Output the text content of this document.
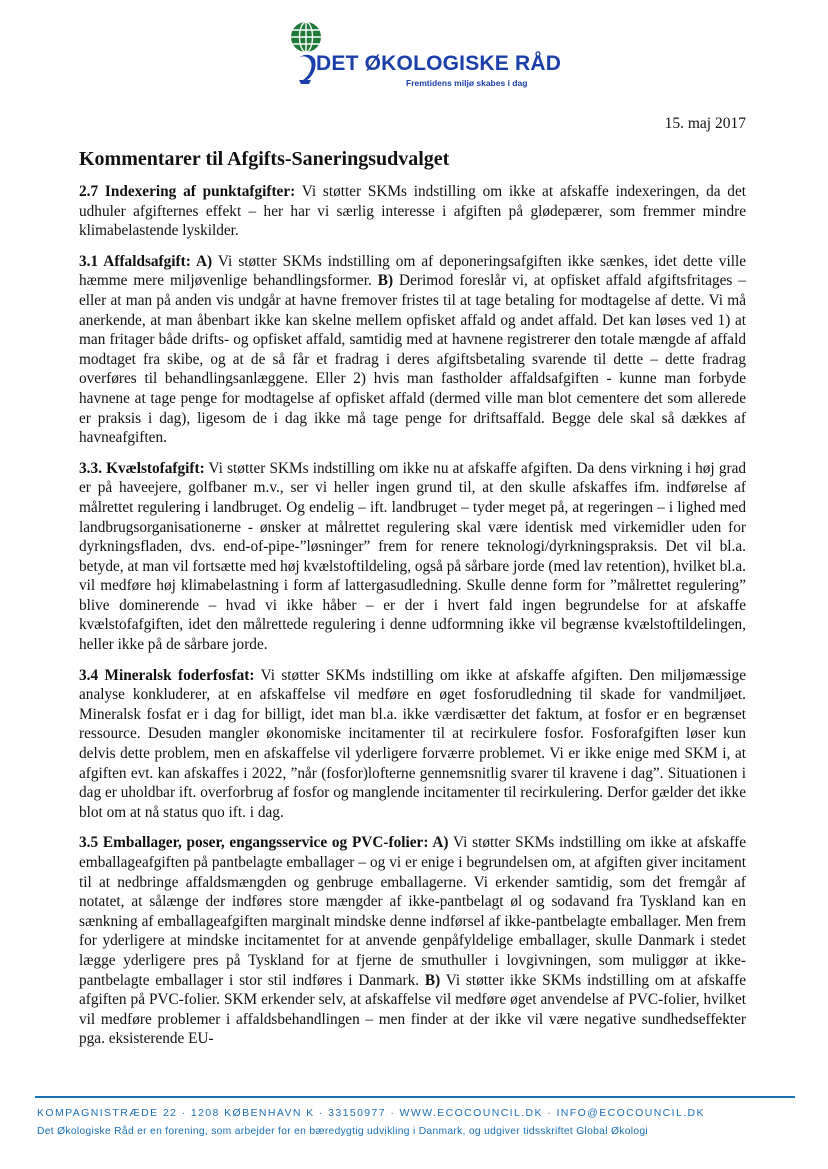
DET ØKOLOGISKE RÅD
Fremtidens miljø skabes i dag
15. maj 2017
Kommentarer til Afgifts-Saneringsudvalget

2.7 Indexering af punktafgifter: Vi støtter SKMs indstilling om ikke at afskaffe indexeringen, da det udhuler afgifternes effekt – her har vi særlig interesse i afgiften på glødepærer, som fremmer mindre klimabelastende lyskilder.

3.1 Affaldsafgift: A) Vi støtter SKMs indstilling om af deponeringsafgiften ikke sænkes, idet dette ville hæmme mere miljøvenlige behandlingsformer. B) Derimod foreslår vi, at opfisket affald afgiftsfritages – eller at man på anden vis undgår at havne fremover fristes til at tage betaling for modtagelse af dette. Vi må anerkende, at man åbenbart ikke kan skelne mellem opfisket affald og andet affald. Det kan løses ved 1) at man fritager både drifts- og opfisket affald, samtidig med at havnene registrerer den totale mængde af affald modtaget fra skibe, og at de så får et fradrag i deres afgiftsbetaling svarende til dette – dette fradrag overføres til behandlingsanlæggene. Eller 2) hvis man fastholder affaldsafgiften - kunne man forbyde havnene at tage penge for modtagelse af opfisket affald (dermed ville man blot cementere det som allerede er praksis i dag), ligesom de i dag ikke må tage penge for driftsaffald. Begge dele skal så dækkes af havneafgiften.

3.3. Kvælstofafgift: Vi støtter SKMs indstilling om ikke nu at afskaffe afgiften. Da dens virkning i høj grad er på haveejere, golfbaner m.v., ser vi heller ingen grund til, at den skulle afskaffes ifm. indførelse af målrettet regulering i landbruget. Og endelig – ift. landbruget – tyder meget på, at regeringen – i lighed med landbrugsorganisationerne - ønsker at målrettet regulering skal være identisk med virkemidler uden for dyrkningsfladen, dvs. end-of-pipe-”løsninger” frem for renere teknologi/dyrkningspraksis. Det vil bl.a. betyde, at man vil fortsætte med høj kvælstoftildeling, også på sårbare jorde (med lav retention), hvilket bl.a. vil medføre høj klimabelastning i form af lattergasudledning. Skulle denne form for ”målrettet regulering” blive dominerende – hvad vi ikke håber – er der i hvert fald ingen begrundelse for at afskaffe kvælstofafgiften, idet den målrettede regulering i denne udformning ikke vil begrænse kvælstoftildelingen, heller ikke på de sårbare jorde.

3.4 Mineralsk foderfosfat: Vi støtter SKMs indstilling om ikke at afskaffe afgiften. Den miljømæssige analyse konkluderer, at en afskaffelse vil medføre en øget fosforudledning til skade for vandmiljøet. Mineralsk fosfat er i dag for billigt, idet man bl.a. ikke værdisætter det faktum, at fosfor er en begrænset ressource. Desuden mangler økonomiske incitamenter til at recirkulere fosfor. Fosforafgiften løser kun delvis dette problem, men en afskaffelse vil yderligere forværre problemet. Vi er ikke enige med SKM i, at afgiften evt. kan afskaffes i 2022, ”når (fosfor)lofterne gennemsnitlig svarer til kravene i dag”. Situationen i dag er uholdbar ift. overforbrug af fosfor og manglende incitamenter til recirkulering. Derfor gælder det ikke blot om at nå status quo ift. i dag.

3.5 Emballager, poser, engangsservice og PVC-folier: A) Vi støtter SKMs indstilling om ikke at afskaffe emballageafgiften på pantbelagte emballager – og vi er enige i begrundelsen om, at afgiften giver incitament til at nedbringe affaldsmængden og genbruge emballagerne. Vi erkender samtidig, som det fremgår af notatet, at sålænge der indføres store mængder af ikke-pantbelagt øl og sodavand fra Tyskland kan en sænkning af emballageafgiften marginalt mindske denne indførsel af ikke-pantbelagte emballager. Men frem for yderligere at mindske incitamentet for at anvende genpåfyldelige emballager, skulle Danmark i stedet lægge yderligere pres på Tyskland for at fjerne de smuthuller i lovgivningen, som muliggør at ikke-pantbelagte emballager i stor stil indføres i Danmark. B) Vi støtter ikke SKMs indstilling om at afskaffe afgiften på PVC-folier. SKM erkender selv, at afskaffelse vil medføre øget anvendelse af PVC-folier, hvilket vil medføre problemer i affaldsbehandlingen – men finder at der ikke vil være negative sundhedseffekter pga. eksisterende EU-

KOMPAGNISTRÆDE 22 · 1208 KØBENHAVN K · 33150977 · WWW.ECOCOUNCIL.DK · INFO@ECOCOUNCIL.DK
Det Økologiske Råd er en forening, som arbejder for en bæredygtig udvikling i Danmark, og udgiver tidsskriftet Global Økologi
